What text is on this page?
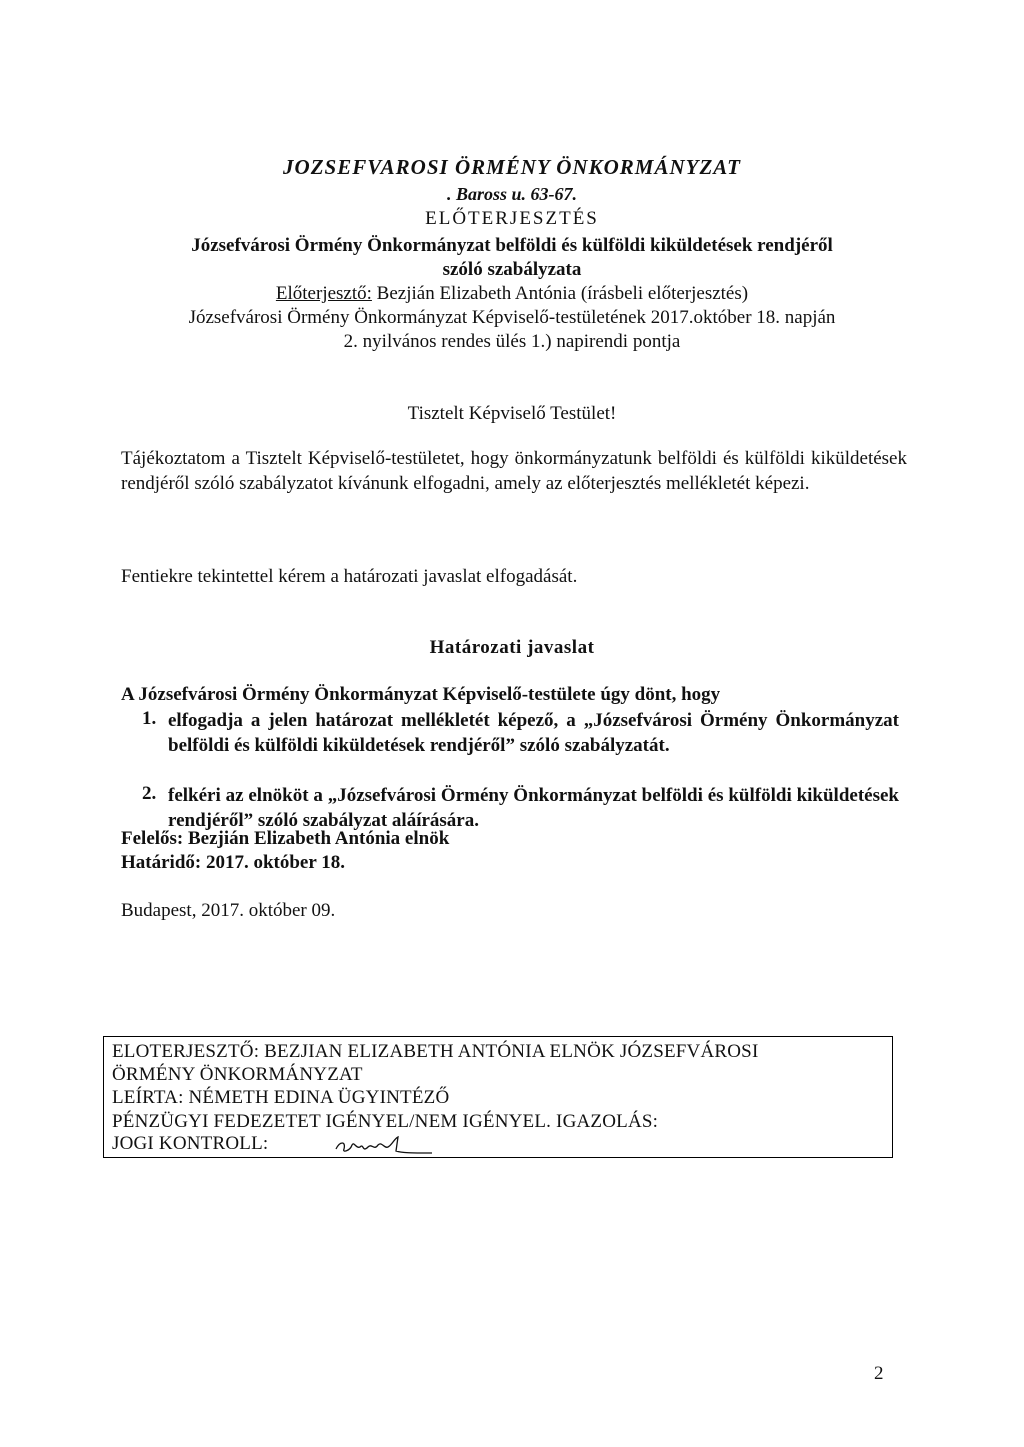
JOZSEFVAROSI ÖRMÉNY ÖNKORMÁNYZAT
. Baross u. 63-67.
ELŐTERJESZTÉS
Józsefvárosi Örmény Önkormányzat belföldi és külföldi kiküldetések rendjéről
szóló szabályzata
Előterjesztő: Bezjián Elizabeth Antónia (írásbeli előterjesztés)
Józsefvárosi Örmény Önkormányzat Képviselő-testületének 2017.október 18. napján
2. nyilvános rendes ülés 1.) napirendi pontja
Tisztelt Képviselő Testület!
Tájékoztatom a Tisztelt Képviselő-testületet, hogy önkormányzatunk belföldi és külföldi kiküldetések rendjéről szóló szabályzatot kívánunk elfogadni, amely az előterjesztés mellékletét képezi.
Fentiekre tekintettel kérem a határozati javaslat elfogadását.
Határozati javaslat
A Józsefvárosi Örmény Önkormányzat Képviselő-testülete úgy dönt, hogy
1. elfogadja a jelen határozat mellékletét képező, a „Józsefvárosi Örmény Önkormányzat belföldi és külföldi kiküldetések rendjéről” szóló szabályzatát.
2. felkéri az elnököt a „Józsefvárosi Örmény Önkormányzat belföldi és külföldi kiküldetések rendjéről” szóló szabályzat aláírására.
Felelős: Bezjián Elizabeth Antónia elnök
Határidő: 2017. október 18.
Budapest, 2017. október 09.
ELOTERJESZTŐ: BEZJIAN ELIZABETH ANTÓNIA ELNÖK JÓZSEFVÁROSI
ÖRMÉNY ÖNKORMÁNYZAT
LEÍRTA: NÉMETH EDINA ÜGYINTÉZŐ
PÉNZÜGYI FEDEZETET IGÉNYEL/NEM IGÉNYEL. IGAZOLÁS:
JOGI KONTROLL:
2
